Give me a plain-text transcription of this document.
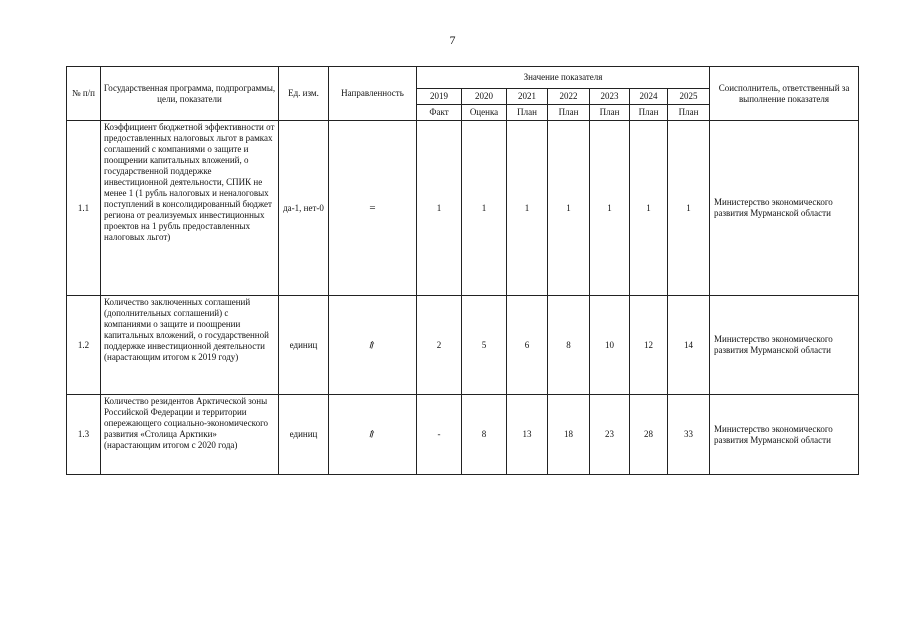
7
№ п/п	Государственная программа, подпрограммы, цели, показатели	Ед. изм.	Направленность	Значение показателя							Соисполнитель, ответственный за выполнение показателя
				2019	2020	2021	2022	2023	2024	2025	
				Факт	Оценка	План	План	План	План	План	
1.1	Коэффициент бюджетной эффективности от предоставленных налоговых льгот в рамках соглашений с компаниями о защите и поощрении капитальных вложений, о государственной поддержке инвестиционной деятельности, СПИК не менее 1 (1 рубль налоговых и неналоговых поступлений в консолидированный бюджет региона от реализуемых инвестиционных проектов на 1 рубль предоставленных налоговых льгот)	да-1, нет-0	=	1	1	1	1	1	1	1	Министерство экономического развития Мурманской области
1.2	Количество заключенных соглашений (дополнительных соглашений) с компаниями о защите и поощрении капитальных вложений, о государственной поддержке инвестиционной деятельности (нарастающим итогом к 2019 году)	единиц	⇗	2	5	6	8	10	12	14	Министерство экономического развития Мурманской области
1.3	Количество резидентов Арктической зоны Российской Федерации и территории опережающего социально-экономического развития «Столица Арктики» (нарастающим итогом с 2020 года)	единиц	⇗	-	8	13	18	23	28	33	Министерство экономического развития Мурманской области
